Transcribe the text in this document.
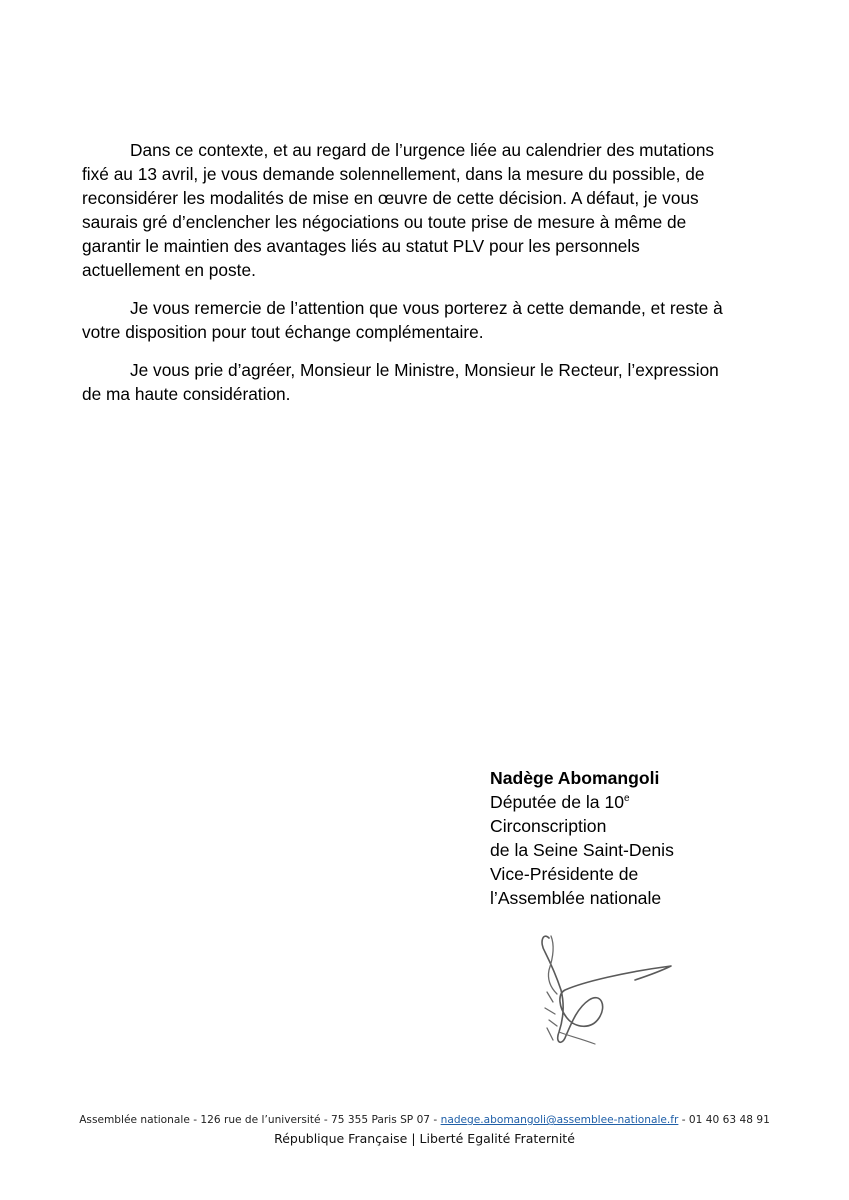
Dans ce contexte, et au regard de l’urgence liée au calendrier des mutations fixé au 13 avril, je vous demande solennellement, dans la mesure du possible, de reconsidérer les modalités de mise en œuvre de cette décision. A défaut, je vous saurais gré d’enclencher les négociations ou toute prise de mesure à même de garantir le maintien des avantages liés au statut PLV pour les personnels actuellement en poste.

Je vous remercie de l’attention que vous porterez à cette demande, et reste à votre disposition pour tout échange complémentaire.

Je vous prie d’agréer, Monsieur le Ministre, Monsieur le Recteur, l’expression de ma haute considération.

Nadège Abomangoli
Députée de la 10e
Circonscription
de la Seine Saint-Denis
Vice-Présidente de
l’Assemblée nationale
Assemblée nationale - 126 rue de l’université - 75 355 Paris SP 07 - nadege.abomangoli@assemblee-nationale.fr - 01 40 63 48 91
République Française | Liberté Egalité Fraternité
